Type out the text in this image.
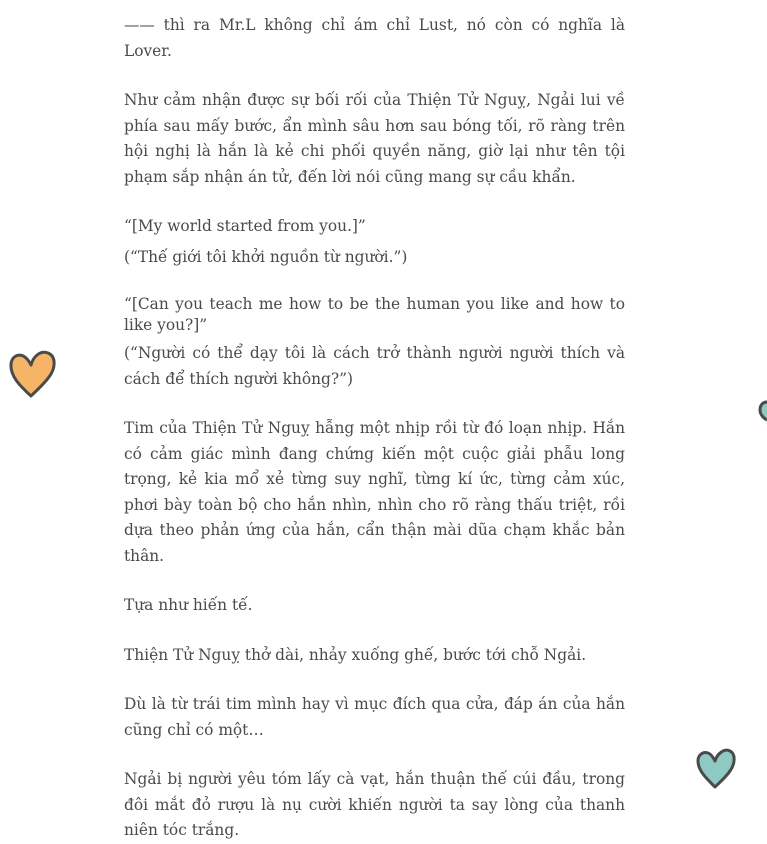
—— thì ra Mr.L không chỉ ám chỉ Lust, nó còn có nghĩa là Lover.

Như cảm nhận được sự bối rối của Thiện Tử Nguỵ, Ngải lui về phía sau mấy bước, ẩn mình sâu hơn sau bóng tối, rõ ràng trên hội nghị là hắn là kẻ chi phối quyền năng, giờ lại như tên tội phạm sắp nhận án tử, đến lời nói cũng mang sự cầu khẩn.

“[My world started from you.]”

(“Thế giới tôi khởi nguồn từ người.”)

“[Can you teach me how to be the human you like and how to like you?]”

(“Người có thể dạy tôi là cách trở thành người người thích và cách để thích người không?”)

Tim của Thiện Tử Nguỵ hẫng một nhịp rồi từ đó loạn nhịp. Hắn có cảm giác mình đang chứng kiến một cuộc giải phẫu long trọng, kẻ kia mổ xẻ từng suy nghĩ, từng kí ức, từng cảm xúc, phơi bày toàn bộ cho hắn nhìn, nhìn cho rõ ràng thấu triệt, rồi dựa theo phản ứng của hắn, cẩn thận mài dũa chạm khắc bản thân.

Tựa như hiến tế.

Thiện Tử Nguỵ thở dài, nhảy xuống ghế, bước tới chỗ Ngải.

Dù là từ trái tim mình hay vì mục đích qua cửa, đáp án của hắn cũng chỉ có một…

Ngải bị người yêu tóm lấy cà vạt, hắn thuận thế cúi đầu, trong đôi mắt đỏ rượu là nụ cười khiến người ta say lòng của thanh niên tóc trắng.
